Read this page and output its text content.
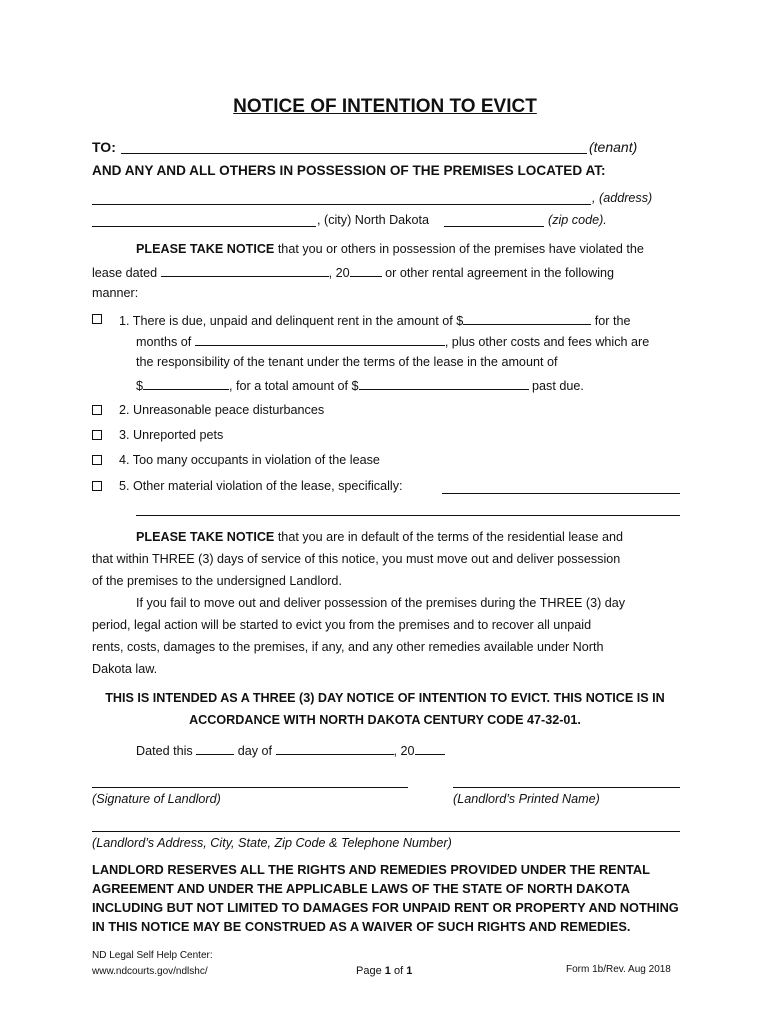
NOTICE OF INTENTION TO EVICT
TO:	(tenant)
AND ANY AND ALL OTHERS IN POSSESSION OF THE PREMISES LOCATED AT:
, (address)
, (city) North Dakota	(zip code).
PLEASE TAKE NOTICE that you or others in possession of the premises have violated the
lease dated	, 20	or other rental agreement in the following
manner:
1. There is due, unpaid and delinquent rent in the amount of $	for the
months of	, plus other costs and fees which are
the responsibility of the tenant under the terms of the lease in the amount of
$	, for a total amount of $	past due.
2. Unreasonable peace disturbances
3. Unreported pets
4. Too many occupants in violation of the lease
5. Other material violation of the lease, specifically:
PLEASE TAKE NOTICE that you are in default of the terms of the residential lease and
that within THREE (3) days of service of this notice, you must move out and deliver possession
of the premises to the undersigned Landlord.
If you fail to move out and deliver possession of the premises during the THREE (3) day
period, legal action will be started to evict you from the premises and to recover all unpaid
rents, costs, damages to the premises, if any, and any other remedies available under North
Dakota law.
THIS IS INTENDED AS A THREE (3) DAY NOTICE OF INTENTION TO EVICT. THIS NOTICE IS IN
ACCORDANCE WITH NORTH DAKOTA CENTURY CODE 47-32-01.
Dated this	day of	, 20
(Signature of Landlord)	(Landlord’s Printed Name)
(Landlord’s Address, City, State, Zip Code & Telephone Number)
LANDLORD RESERVES ALL THE RIGHTS AND REMEDIES PROVIDED UNDER THE RENTAL
AGREEMENT AND UNDER THE APPLICABLE LAWS OF THE STATE OF NORTH DAKOTA
INCLUDING BUT NOT LIMITED TO DAMAGES FOR UNPAID RENT OR PROPERTY AND NOTHING
IN THIS NOTICE MAY BE CONSTRUED AS A WAIVER OF SUCH RIGHTS AND REMEDIES.
ND Legal Self Help Center:
www.ndcourts.gov/ndlshc/	Page 1 of 1	Form 1b/Rev. Aug 2018
